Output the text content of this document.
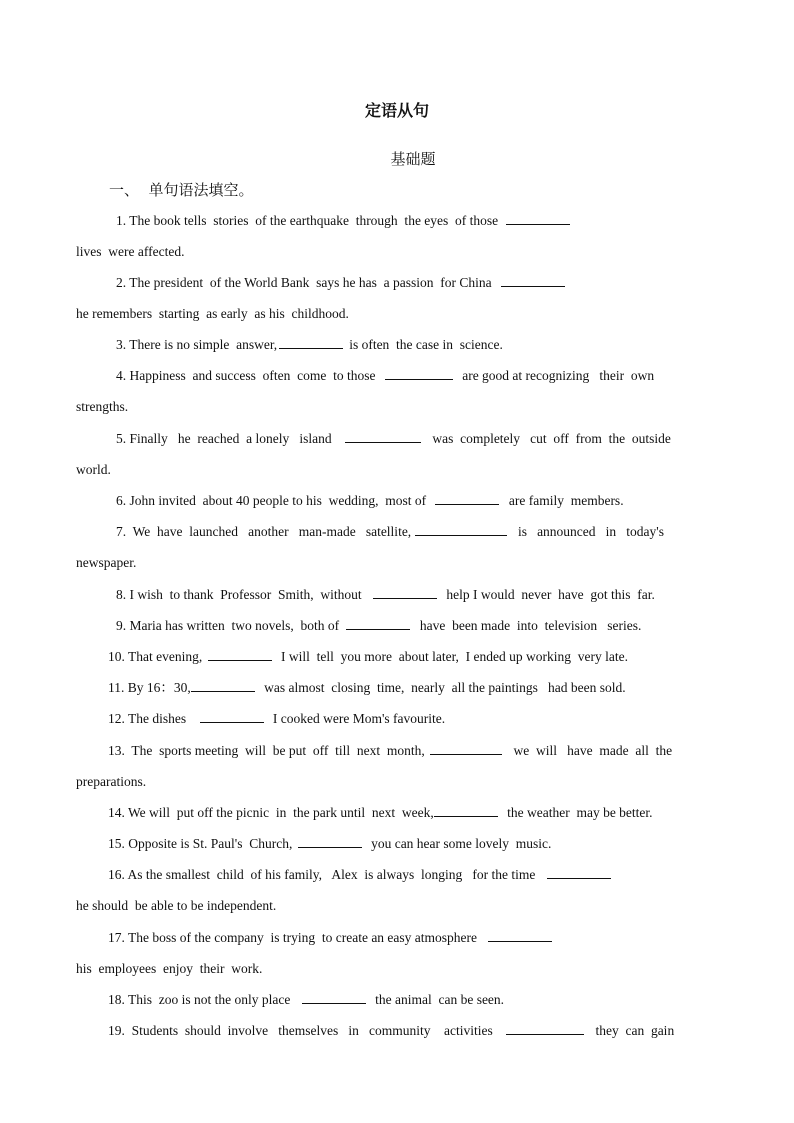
定语从句
基础题
一、  单句语法填空。
1. The book tells  stories  of the earthquake  through  the eyes  of those
lives  were affected.
2. The president  of the World Bank  says he has  a passion  for China
he remembers  starting  as early  as his  childhood.
3. There is no simple  answer,	is often  the case in  science.
4. Happiness  and success  often  come  to those	are good at recognizing   their  own
strengths.
5. Finally   he  reached  a lonely   island	was  completely   cut  off  from  the  outside
world.
6. John invited  about 40 people to his  wedding,  most of	are family  members.
7.  We  have  launched   another   man-made   satellite,	is   announced   in   today's
newspaper.
8. I wish  to thank  Professor  Smith,  without	help I would  never  have  got this  far.
9. Maria has written  two novels,  both of	have  been made  into  television   series.
10. That evening,	I will  tell  you more  about later,  I ended up working  very late.
11. By 16：30,	was almost  closing  time,  nearly  all the paintings   had been sold.
12. The dishes	I cooked were Mom's favourite.
13.  The  sports meeting  will  be put  off  till  next  month,	we  will   have  made  all  the
preparations.
14. We will  put off the picnic  in  the park until  next  week,	the weather  may be better.
15. Opposite is St. Paul's  Church,	you can hear some lovely  music.
16. As the smallest  child  of his family,   Alex  is always  longing   for the time
he should  be able to be independent.
17. The boss of the company  is trying  to create an easy atmosphere
his  employees  enjoy  their  work.
18. This  zoo is not the only place	the animal  can be seen.
19.  Students  should  involve   themselves   in   community    activities	they  can  gain
